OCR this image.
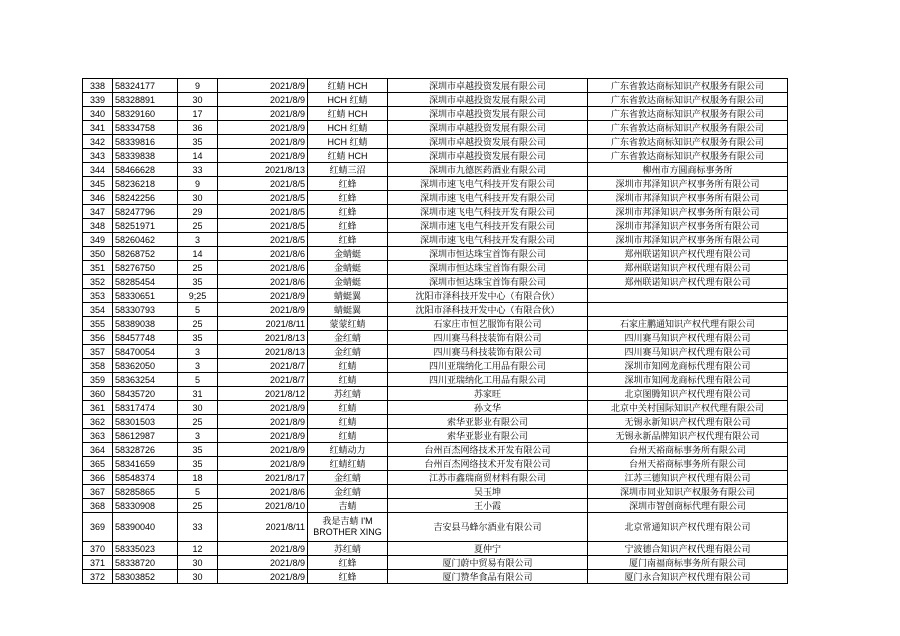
338	58324177	9	2021/8/9	红蜻 HCH	深圳市卓越投资发展有限公司	广东省敦达商标知识产权服务有限公司
339	58328891	30	2021/8/9	HCH 红蜻	深圳市卓越投资发展有限公司	广东省敦达商标知识产权服务有限公司
340	58329160	17	2021/8/9	红蜻 HCH	深圳市卓越投资发展有限公司	广东省敦达商标知识产权服务有限公司
341	58334758	36	2021/8/9	HCH 红蜻	深圳市卓越投资发展有限公司	广东省敦达商标知识产权服务有限公司
342	58339816	35	2021/8/9	HCH 红蜻	深圳市卓越投资发展有限公司	广东省敦达商标知识产权服务有限公司
343	58339838	14	2021/8/9	红蜻 HCH	深圳市卓越投资发展有限公司	广东省敦达商标知识产权服务有限公司
344	58466628	33	2021/8/13	红蜻三沼	深圳市九德医药酒业有限公司	柳州市方圆商标事务所
345	58236218	9	2021/8/5	红蜂	深圳市速飞电气科技开发有限公司	深圳市邦泽知识产权事务所有限公司
346	58242256	30	2021/8/5	红蜂	深圳市速飞电气科技开发有限公司	深圳市邦泽知识产权事务所有限公司
347	58247796	29	2021/8/5	红蜂	深圳市速飞电气科技开发有限公司	深圳市邦泽知识产权事务所有限公司
348	58251971	25	2021/8/5	红蜂	深圳市速飞电气科技开发有限公司	深圳市邦泽知识产权事务所有限公司
349	58260462	3	2021/8/5	红蜂	深圳市速飞电气科技开发有限公司	深圳市邦泽知识产权事务所有限公司
350	58268752	14	2021/8/6	金蜻蜓	深圳市恒达珠宝首饰有限公司	郑州联诺知识产权代理有限公司
351	58276750	25	2021/8/6	金蜻蜓	深圳市恒达珠宝首饰有限公司	郑州联诺知识产权代理有限公司
352	58285454	35	2021/8/6	金蜻蜓	深圳市恒达珠宝首饰有限公司	郑州联诺知识产权代理有限公司
353	58330651	9;25	2021/8/9	蜻蜓翼	沈阳市泽科技开发中心（有限合伙）	
354	58330793	5	2021/8/9	蜻蜓翼	沈阳市泽科技开发中心（有限合伙）	
355	58389038	25	2021/8/11	蒙蒙红蜻	石家庄市恒艺服饰有限公司	石家庄鹏通知识产权代理有限公司
356	58457748	35	2021/8/13	金红蜻	四川赛马科技装饰有限公司	四川赛马知识产权代理有限公司
357	58470054	3	2021/8/13	金红蜻	四川赛马科技装饰有限公司	四川赛马知识产权代理有限公司
358	58362050	3	2021/8/7	红蜻	四川亚瑞纳化工用品有限公司	深圳市知网龙商标代理有限公司
359	58363254	5	2021/8/7	红蜻	四川亚瑞纳化工用品有限公司	深圳市知网龙商标代理有限公司
360	58435720	31	2021/8/12	苏红蜻	苏家旺	北京图腾知识产权代理有限公司
361	58317474	30	2021/8/9	红蜻	孙文华	北京中关村国际知识产权代理有限公司
362	58301503	25	2021/8/9	红蜻	索华亚影业有限公司	无锡永新知识产权代理有限公司
363	58612987	3	2021/8/9	红蜻	索华亚影业有限公司	无锡永新品牌知识产权代理有限公司
364	58328726	35	2021/8/9	红蜻动力	台州百杰网络技术开发有限公司	台州天裕商标事务所有限公司
365	58341659	35	2021/8/9	红蜻红蜻	台州百杰网络技术开发有限公司	台州天裕商标事务所有限公司
366	58548374	18	2021/8/17	金红蜻	江苏市鑫瑞商贸材料有限公司	江苏三德知识产权代理有限公司
367	58285865	5	2021/8/6	金红蜻	吴玉坤	深圳市同业知识产权服务有限公司
368	58330908	25	2021/8/10	吉蜻	王小霞	深圳市智创商标代理有限公司
369	58390040	33	2021/8/11	我是吉蜻 I'M BROTHER XING	吉安县马蜂尔酒业有限公司	北京常通知识产权代理有限公司
370	58335023	12	2021/8/9	苏红蜻	夏仲宁	宁波德合知识产权代理有限公司
371	58338720	30	2021/8/9	红蜂	厦门蔚中贸易有限公司	厦门南福商标事务所有限公司
372	58303852	30	2021/8/9	红蜂	厦门赞华食品有限公司	厦门永合知识产权代理有限公司
